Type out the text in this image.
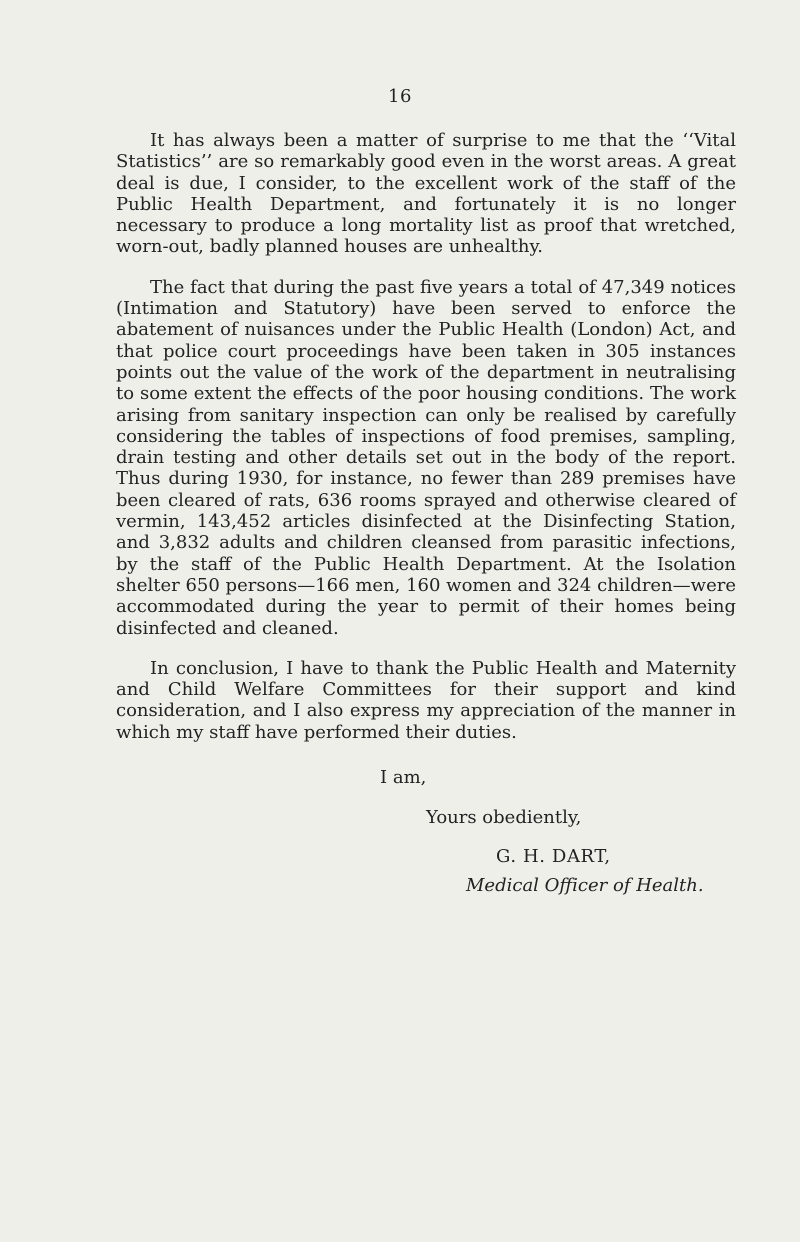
16

It has always been a matter of surprise to me that the ‘‘Vital Statistics’’ are so remarkably good even in the worst areas. A great deal is due, I consider, to the excellent work of the staff of the Public Health Department, and fortunately it is no longer necessary to produce a long mortality list as proof that wretched, worn-out, badly planned houses are unhealthy.

The fact that during the past five years a total of 47,349 notices (Intimation and Statutory) have been served to enforce the abatement of nuisances under the Public Health (London) Act, and that police court proceedings have been taken in 305 instances points out the value of the work of the department in neutralising to some extent the effects of the poor housing conditions. The work arising from sanitary inspection can only be realised by carefully considering the tables of inspections of food premises, sampling, drain testing and other details set out in the body of the report. Thus during 1930, for instance, no fewer than 289 premises have been cleared of rats, 636 rooms sprayed and otherwise cleared of vermin, 143,452 articles disinfected at the Disinfecting Station, and 3,832 adults and children cleansed from parasitic infections, by the staff of the Public Health Department. At the Isolation shelter 650 persons—166 men, 160 women and 324 children—were accommodated during the year to permit of their homes being disinfected and cleaned.

In conclusion, I have to thank the Public Health and Maternity and Child Welfare Committees for their support and kind consideration, and I also express my appreciation of the manner in which my staff have performed their duties.

I am,
Yours obediently,
G. H. DART,
Medical Officer of Health.
